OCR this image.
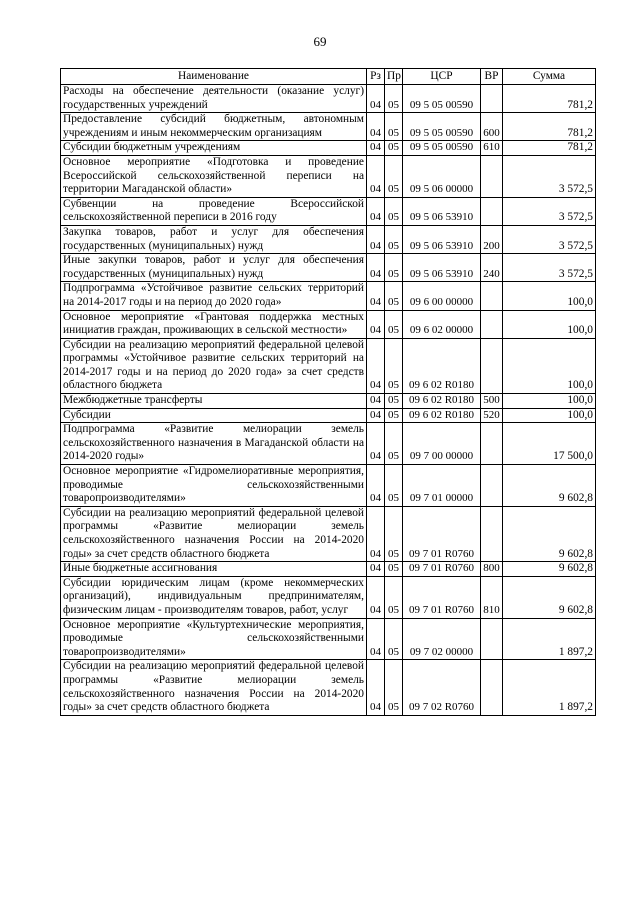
69
Наименование	Рз	Пр	ЦСР	ВР	Сумма
Расходы на обеспечение деятельности (оказание услуг) государственных учреждений	04	05	09 5 05 00590		781,2
Предоставление субсидий бюджетным, автономным учреждениям и иным некоммерческим организациям	04	05	09 5 05 00590	600	781,2
Субсидии бюджетным учреждениям	04	05	09 5 05 00590	610	781,2
Основное мероприятие «Подготовка и проведение Всероссийской сельскохозяйственной переписи на территории Магаданской области»	04	05	09 5 06 00000		3 572,5
Субвенции на проведение Всероссийской сельскохозяйственной переписи в 2016 году	04	05	09 5 06 53910		3 572,5
Закупка товаров, работ и услуг для обеспечения государственных (муниципальных) нужд	04	05	09 5 06 53910	200	3 572,5
Иные закупки товаров, работ и услуг для обеспечения государственных (муниципальных) нужд	04	05	09 5 06 53910	240	3 572,5
Подпрограмма «Устойчивое развитие сельских территорий на 2014-2017 годы и на период до 2020 года»	04	05	09 6 00 00000		100,0
Основное мероприятие «Грантовая поддержка местных инициатив граждан, проживающих в сельской местности»	04	05	09 6 02 00000		100,0
Субсидии на реализацию мероприятий федеральной целевой программы «Устойчивое развитие сельских территорий на 2014-2017 годы и на период до 2020 года» за счет средств областного бюджета	04	05	09 6 02 R0180		100,0
Межбюджетные трансферты	04	05	09 6 02 R0180	500	100,0
Субсидии	04	05	09 6 02 R0180	520	100,0
Подпрограмма «Развитие мелиорации земель сельскохозяйственного назначения в Магаданской области на 2014-2020 годы»	04	05	09 7 00 00000		17 500,0
Основное мероприятие «Гидромелиоративные мероприятия, проводимые сельскохозяйственными товаропроизводителями»	04	05	09 7 01 00000		9 602,8
Субсидии на реализацию мероприятий федеральной целевой программы «Развитие мелиорации земель сельскохозяйственного назначения России на 2014-2020 годы» за счет средств областного бюджета	04	05	09 7 01 R0760		9 602,8
Иные бюджетные ассигнования	04	05	09 7 01 R0760	800	9 602,8
Субсидии юридическим лицам (кроме некоммерческих организаций), индивидуальным предпринимателям, физическим лицам - производителям товаров, работ, услуг	04	05	09 7 01 R0760	810	9 602,8
Основное мероприятие «Культуртехнические мероприятия, проводимые сельскохозяйственными товаропроизводителями»	04	05	09 7 02 00000		1 897,2
Субсидии на реализацию мероприятий федеральной целевой программы «Развитие мелиорации земель сельскохозяйственного назначения России на 2014-2020 годы» за счет средств областного бюджета	04	05	09 7 02 R0760		1 897,2
